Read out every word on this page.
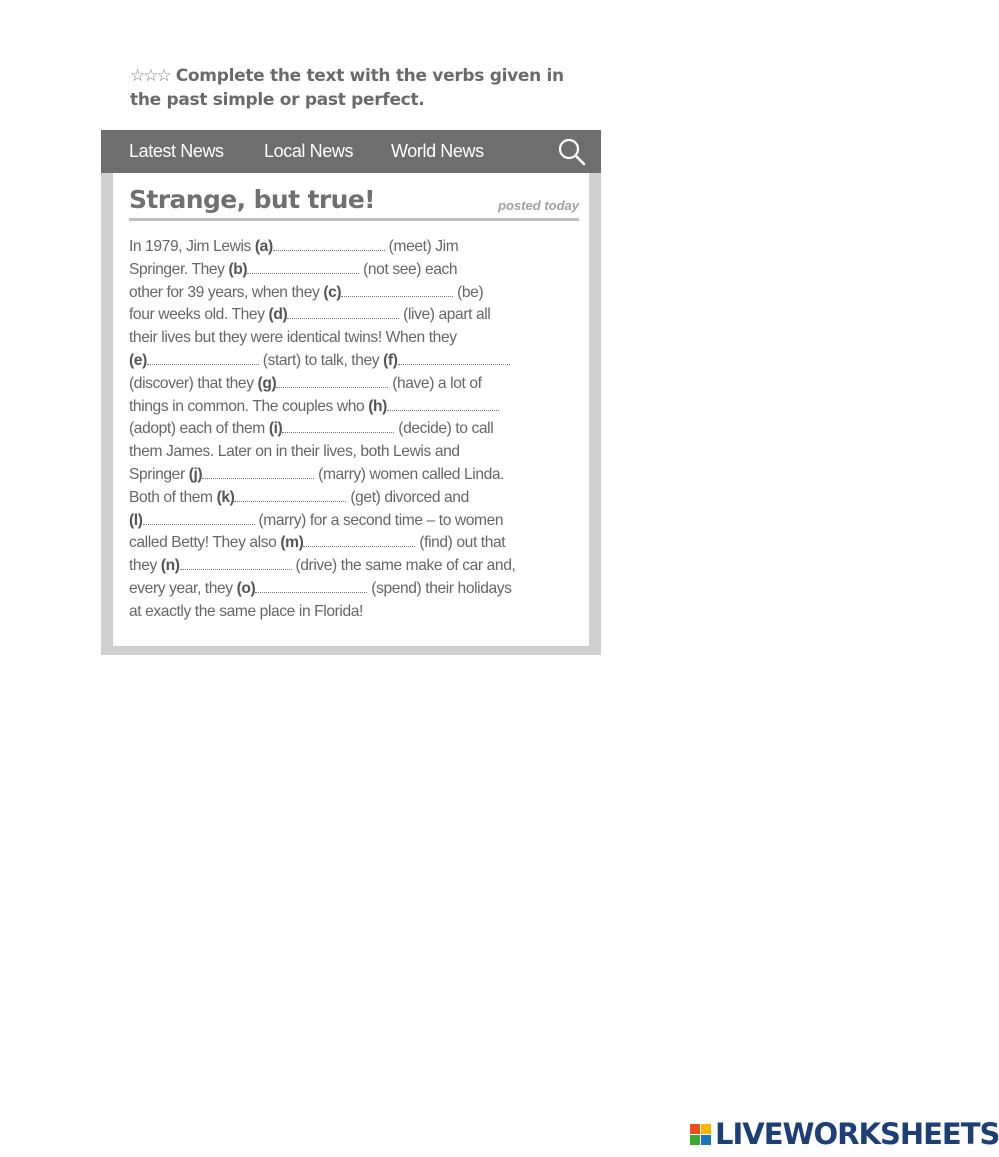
☆☆☆ Complete the text with the verbs given in
the past simple or past perfect.
Latest News Local News World News
Strange, but true!	posted today
In 1979, Jim Lewis (a)	(meet) Jim
Springer. They (b)	(not see) each
other for 39 years, when they (c)	(be)
four weeks old. They (d)	(live) apart all
their lives but they were identical twins! When they
(e)	(start) to talk, they (f)
(discover) that they (g)	(have) a lot of
things in common. The couples who (h)
(adopt) each of them (i)	(decide) to call
them James. Later on in their lives, both Lewis and
Springer (j)	(marry) women called Linda.
Both of them (k)	(get) divorced and
(l)	(marry) for a second time – to women
called Betty! They also (m)	(find) out that
they (n)	(drive) the same make of car and,
every year, they (o)	(spend) their holidays
at exactly the same place in Florida!
LIVEWORKSHEETS
